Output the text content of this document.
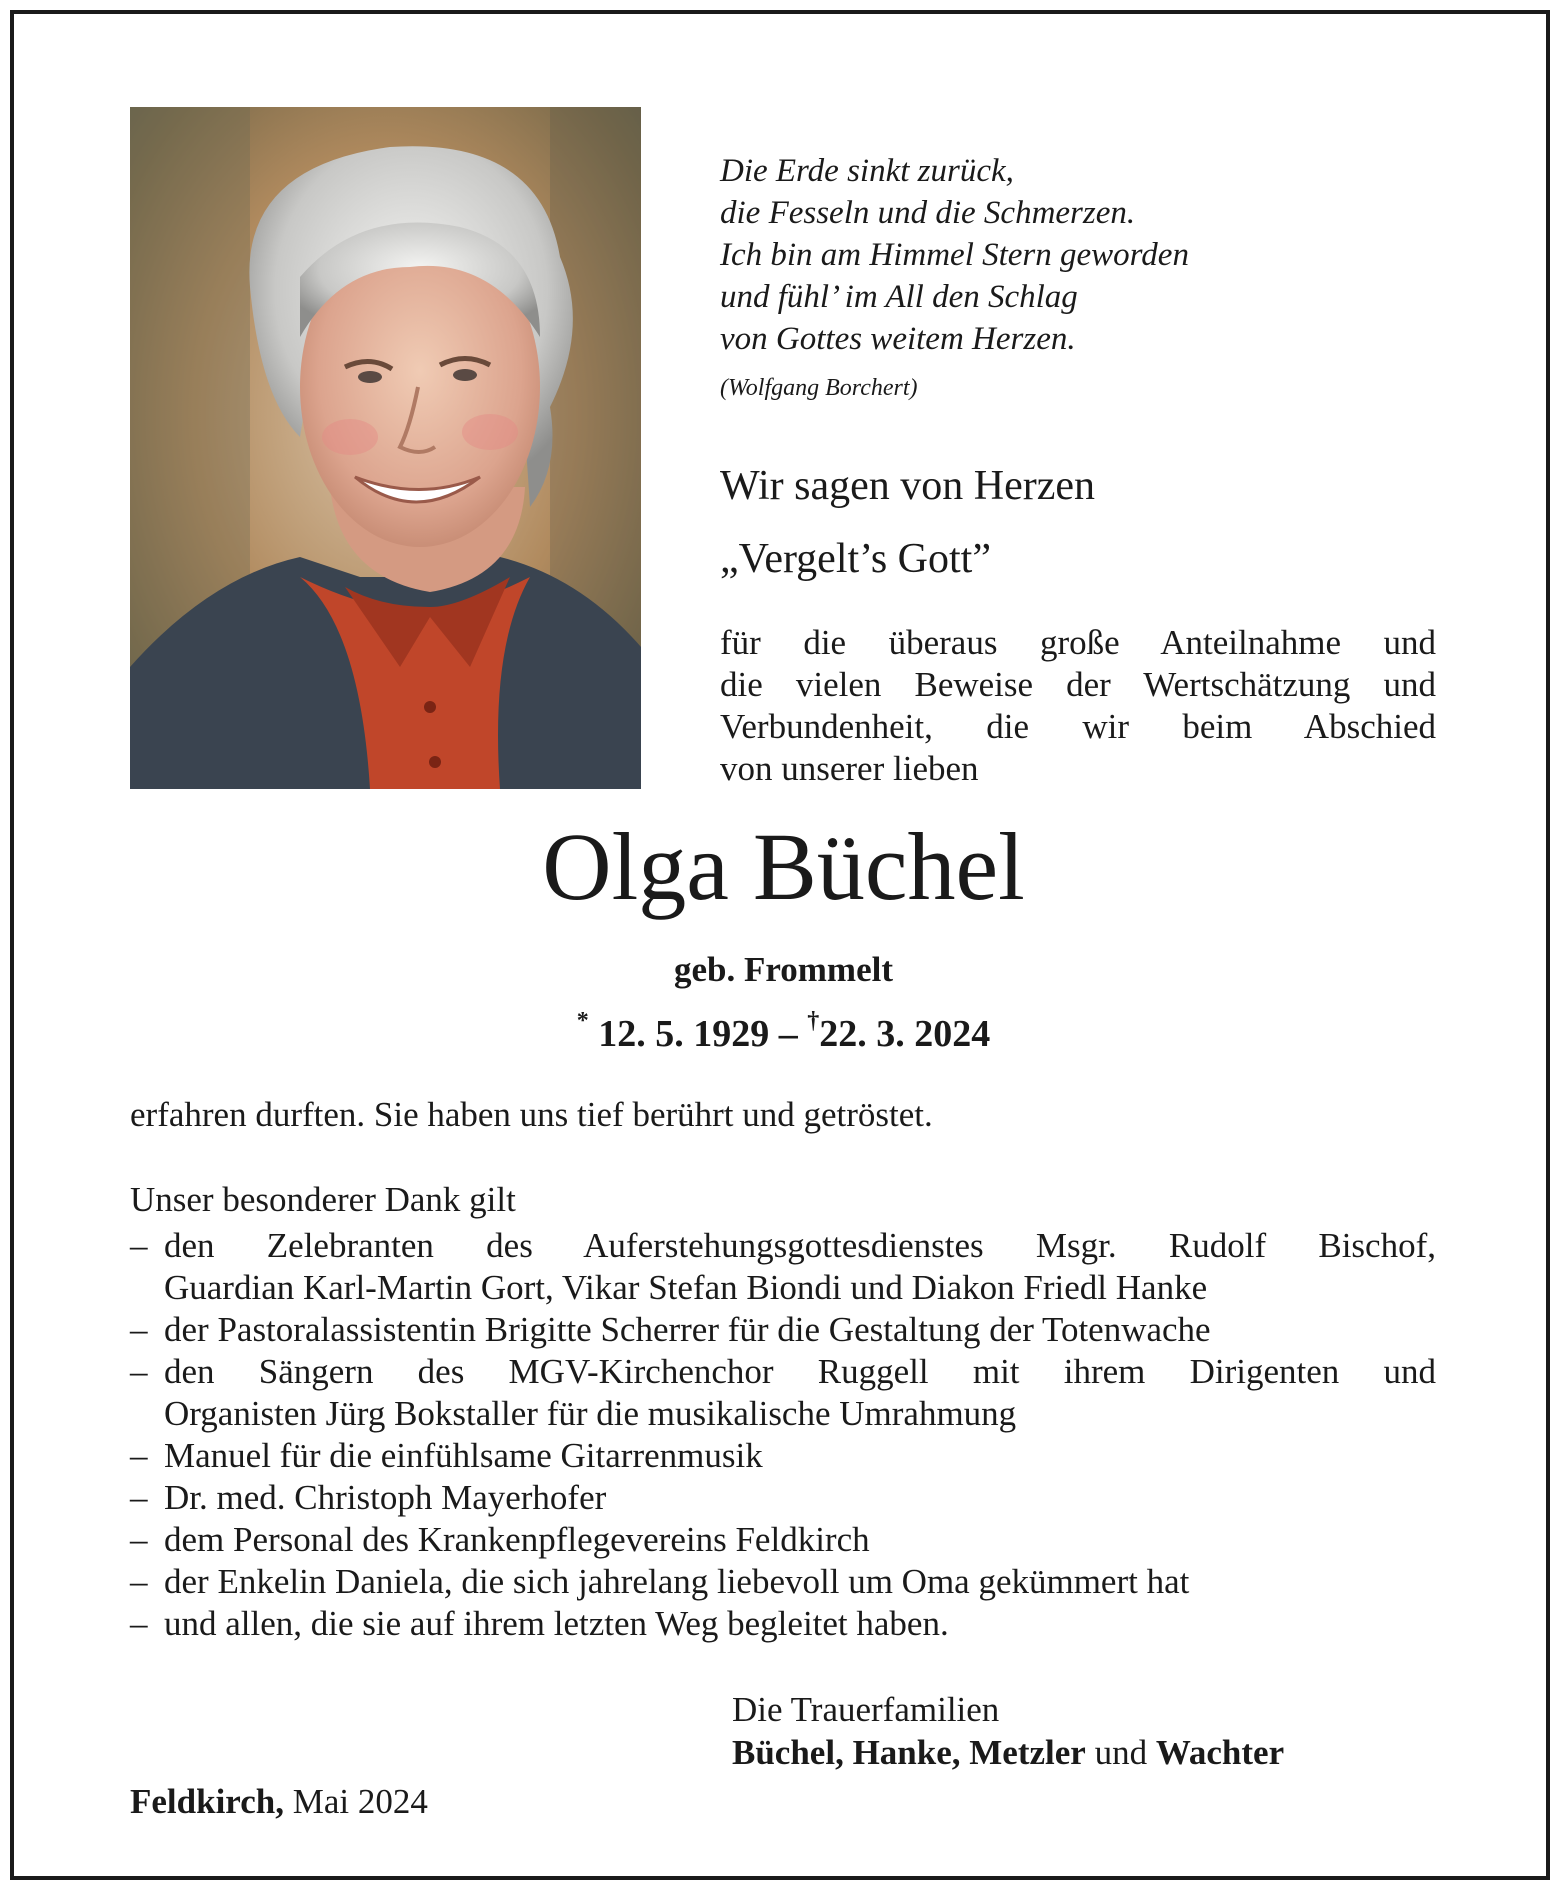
Die Erde sinkt zurück,
die Fesseln und die Schmerzen.
Ich bin am Himmel Stern geworden
und fühl’ im All den Schlag
von Gottes weitem Herzen.
(Wolfgang Borchert)
Wir sagen von Herzen
„Vergelt’s Gott”
für die überaus große Anteilnahme und
die vielen Beweise der Wertschätzung und
Verbundenheit, die wir beim Abschied
von unserer lieben
Olga Büchel
geb. Frommelt
* 12. 5. 1929 – †22. 3. 2024
erfahren durften. Sie haben uns tief berührt und getröstet.
Unser besonderer Dank gilt
– den Zelebranten des Auferstehungsgottesdienstes Msgr. Rudolf Bischof,
Guardian Karl-Martin Gort, Vikar Stefan Biondi und Diakon Friedl Hanke
– der Pastoralassistentin Brigitte Scherrer für die Gestaltung der Totenwache
– den Sängern des MGV-Kirchenchor Ruggell mit ihrem Dirigenten und
Organisten Jürg Bokstaller für die musikalische Umrahmung
– Manuel für die einfühlsame Gitarrenmusik
– Dr. med. Christoph Mayerhofer
– dem Personal des Krankenpflegevereins Feldkirch
– der Enkelin Daniela, die sich jahrelang liebevoll um Oma gekümmert hat
– und allen, die sie auf ihrem letzten Weg begleitet haben.
Die Trauerfamilien
Büchel, Hanke, Metzler und Wachter
Feldkirch, Mai 2024
